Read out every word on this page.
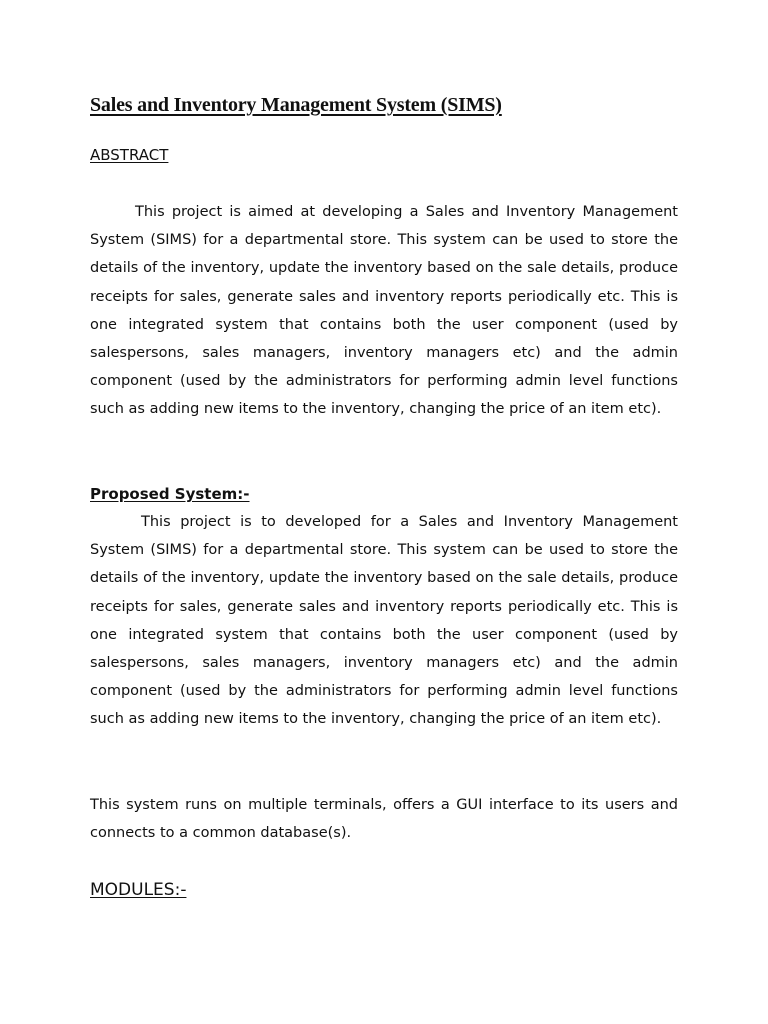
Sales and Inventory Management System (SIMS)
ABSTRACT

This project is aimed at developing a Sales and Inventory Management System (SIMS) for a departmental store. This system can be used to store the details of the inventory, update the inventory based on the sale details, produce receipts for sales, generate sales and inventory reports periodically etc. This is one integrated system that contains both the user component (used by salespersons, sales managers, inventory managers etc) and the admin component (used by the administrators for performing admin level functions such as adding new items to the inventory, changing the price of an item etc).

Proposed System:-

This project is to developed for a Sales and Inventory Management System (SIMS) for a departmental store. This system can be used to store the details of the inventory, update the inventory based on the sale details, produce receipts for sales, generate sales and inventory reports periodically etc. This is one integrated system that contains both the user component (used by salespersons, sales managers, inventory managers etc) and the admin component (used by the administrators for performing admin level functions such as adding new items to the inventory, changing the price of an item etc).

This system runs on multiple terminals, offers a GUI interface to its users and connects to a common database(s).

MODULES:-
